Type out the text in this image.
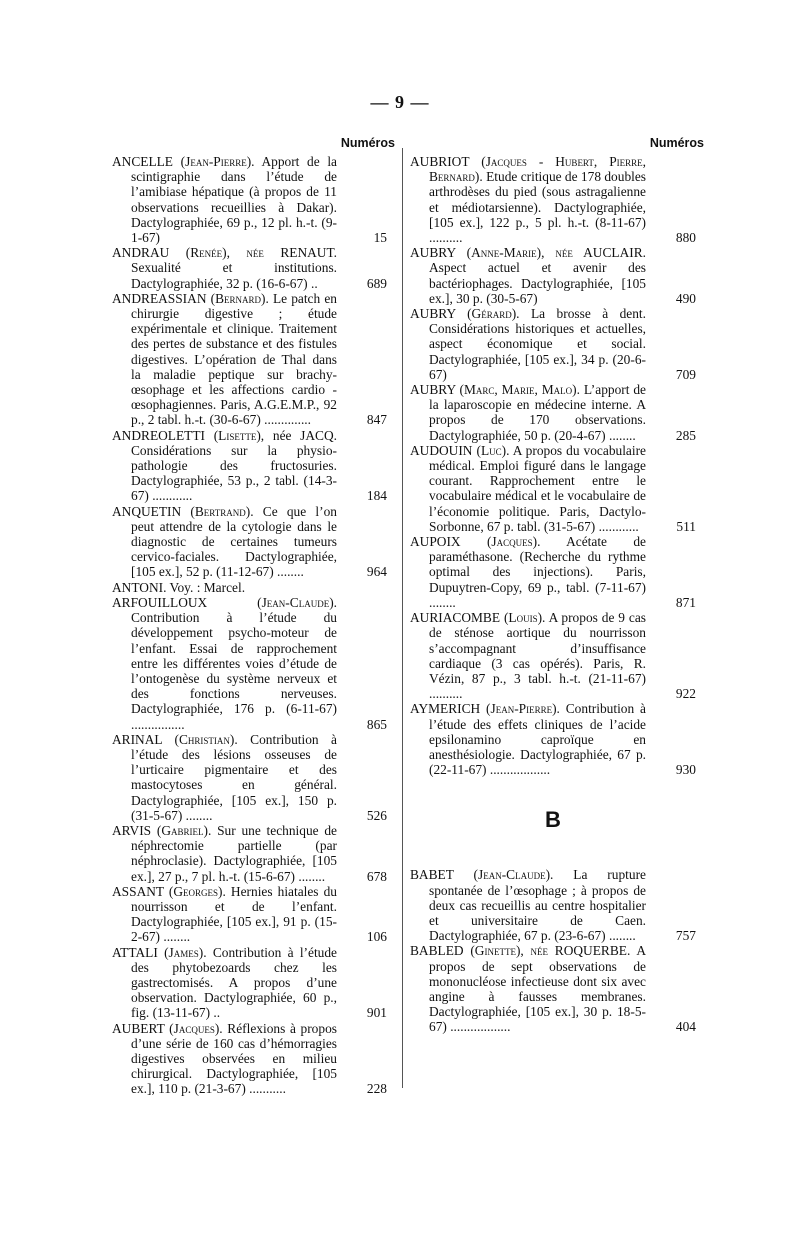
— 9 —
Numéros
ANCELLE (Jean-Pierre). Apport de la scintigraphie dans l’étude de l’amibiase hépatique (à propos de 11 observations recueillies à Dakar). Dactylographiée, 69 p., 12 pl. h.-t. (9-1-67)	15
ANDRAU (Renée), née RENAUT. Sexualité et institutions. Dactylographiée, 32 p. (16-6-67) ..	689
ANDREASSIAN (Bernard). Le patch en chirurgie digestive ; étude expérimentale et clinique. Traitement des pertes de substance et des fistules digestives. L’opération de Thal dans la maladie peptique sur brachy-œsophage et les affections cardio - œsophagiennes. Paris, A.G.E.M.P., 92 p., 2 tabl. h.-t. (30-6-67) ..............	847
ANDREOLETTI (Lisette), née JACQ. Considérations sur la physio-pathologie des fructosuries. Dactylographiée, 53 p., 2 tabl. (14-3-67) ............	184
ANQUETIN (Bertrand). Ce que l’on peut attendre de la cytologie dans le diagnostic de certaines tumeurs cervico-faciales. Dactylographiée, [105 ex.], 52 p. (11-12-67) ........	964
ANTONI. Voy. : Marcel.
ARFOUILLOUX	(Jean-Claude). Contribution à l’étude du développement psycho-moteur de l’enfant. Essai de rapprochement entre les différentes voies d’étude de l’ontogenèse du système nerveux et des fonctions nerveuses. Dactylographiée, 176 p. (6-11-67) ................	865
ARINAL (Christian). Contribution à l’étude des lésions osseuses de l’urticaire pigmentaire et des mastocytoses en général. Dactylographiée, [105 ex.], 150 p. (31-5-67) ........	526
ARVIS (Gabriel). Sur une technique de néphrectomie partielle (par néphroclasie). Dactylographiée, [105 ex.], 27 p., 7 pl. h.-t. (15-6-67) ........	678
ASSANT (Georges). Hernies hiatales du nourrisson et de l’enfant. Dactylographiée, [105 ex.], 91 p. (15-2-67) ........	106
ATTALI (James). Contribution à l’étude des phytobezoards chez les gastrectomisés. A propos d’une observation. Dactylographiée, 60 p., fig. (13-11-67) ..	901
AUBERT (Jacques). Réflexions à propos d’une série de 160 cas d’hémorragies digestives observées en milieu chirurgical. Dactylographiée, [105 ex.], 110 p. (21-3-67) ...........	228
Numéros
AUBRIOT (Jacques - Hubert, Pierre, Bernard). Etude critique de 178 doubles arthrodèses du pied (sous astragalienne et médiotarsienne). Dactylographiée, [105 ex.], 122 p., 5 pl. h.-t. (8-11-67) ..........	880
AUBRY (Anne-Marie), née AUCLAIR. Aspect actuel et avenir des bactériophages. Dactylographiée, [105 ex.], 30 p. (30-5-67)	490
AUBRY (Gérard). La brosse à dent. Considérations historiques et actuelles, aspect économique et social. Dactylographiée, [105 ex.], 34 p. (20-6-67)	709
AUBRY (Marc, Marie, Malo). L’apport de la laparoscopie en médecine interne. A propos de 170 observations. Dactylographiée, 50 p. (20-4-67) ........	285
AUDOUIN (Luc). A propos du vocabulaire médical. Emploi figuré dans le langage courant. Rapprochement entre le vocabulaire médical et le vocabulaire de l’économie politique. Paris, Dactylo-Sorbonne, 67 p. tabl. (31-5-67) ............	511
AUPOIX (Jacques). Acétate de paraméthasone. (Recherche du rythme optimal des injections). Paris, Dupuytren-Copy, 69 p., tabl. (7-11-67) ........	871
AURIACOMBE (Louis). A propos de 9 cas de sténose aortique du nourrisson s’accompagnant d’insuffisance cardiaque (3 cas opérés). Paris, R. Vézin, 87 p., 3 tabl. h.-t. (21-11-67) ..........	922
AYMERICH (Jean-Pierre). Contribution à l’étude des effets cliniques de l’acide epsilonamino caproïque en anesthésiologie. Dactylographiée, 67 p. (22-11-67) ..................	930
B
BABET (Jean-Claude). La rupture spontanée de l’œsophage ; à propos de deux cas recueillis au centre hospitalier et universitaire de Caen. Dactylographiée, 67 p. (23-6-67) ........	757
BABLED (Ginette), née ROQUERBE. A propos de sept observations de mononucléose infectieuse dont six avec angine à fausses membranes. Dactylographiée, [105 ex.], 30 p. 18-5-67) ..................	404
